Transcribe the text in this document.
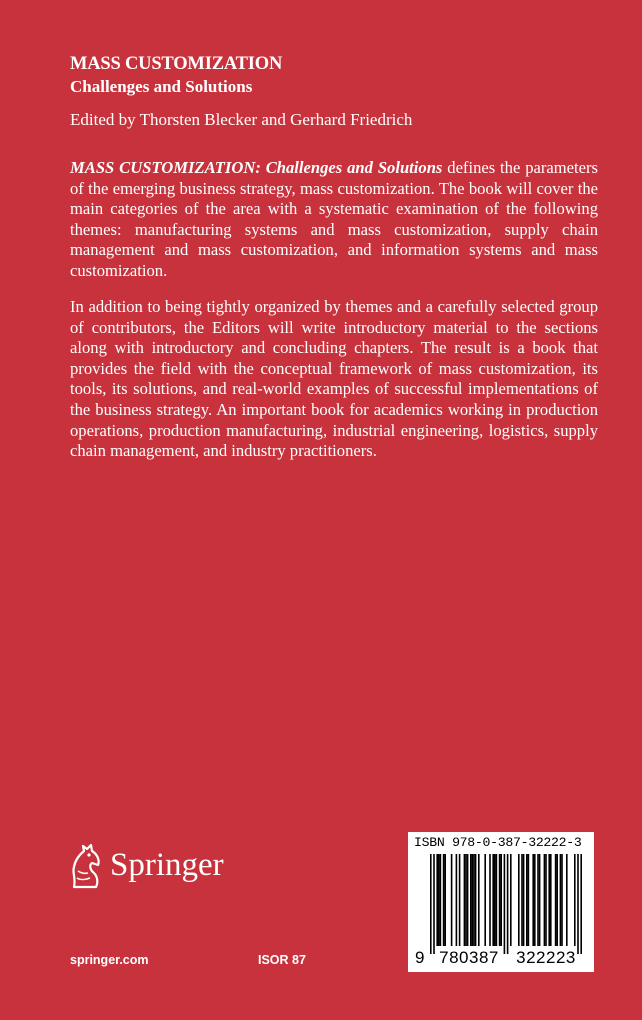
MASS CUSTOMIZATION
Challenges and Solutions
Edited by Thorsten Blecker and Gerhard Friedrich

MASS CUSTOMIZATION: Challenges and Solutions defines the parameters of the emerging business strategy, mass customization. The book will cover the main categories of the area with a systematic examination of the following themes: manufacturing systems and mass customization, supply chain management and mass customization, and information systems and mass customization.

In addition to being tightly organized by themes and a carefully selected group of contributors, the Editors will write introductory material to the sections along with introductory and concluding chapters. The result is a book that provides the field with the conceptual framework of mass customization, its tools, its solutions, and real-world examples of successful implementations of the business strategy. An important book for academics working in production operations, production manufacturing, industrial engineering, logistics, supply chain management, and industry practitioners.

Springer
springer.com	ISOR 87
ISBN 978-0-387-32222-3
9 780387	322223
